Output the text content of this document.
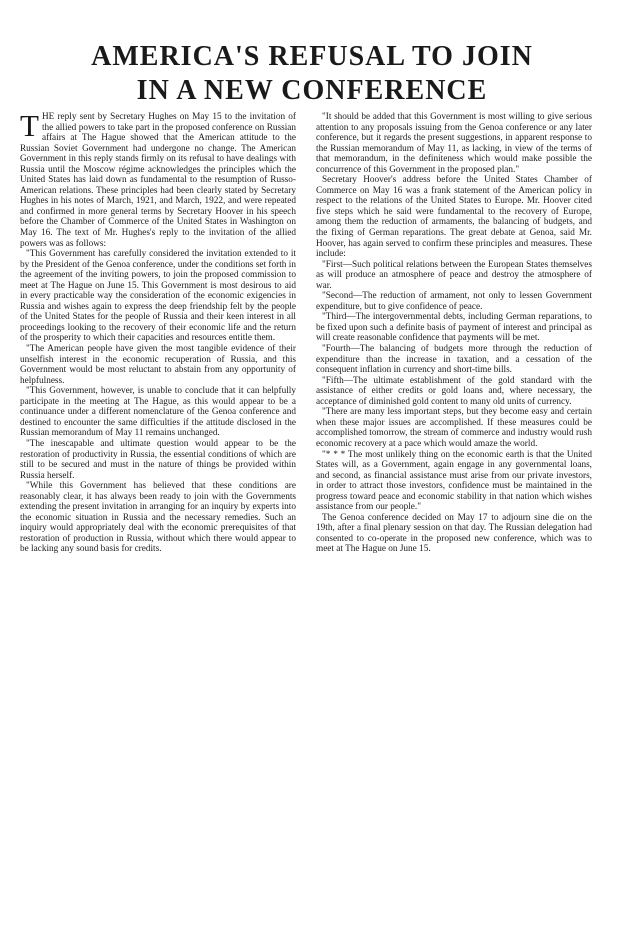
AMERICA'S REFUSAL TO JOIN
IN A NEW CONFERENCE

THE reply sent by Secretary Hughes on May 15 to the invitation of the allied powers to take part in the proposed conference on Russian affairs at The Hague showed that the American attitude to the Russian Soviet Government had undergone no change. The American Government in this reply stands firmly on its refusal to have dealings with Russia until the Moscow régime acknowledges the principles which the United States has laid down as fundamental to the resumption of Russo-American relations. These principles had been clearly stated by Secretary Hughes in his notes of March, 1921, and March, 1922, and were repeated and confirmed in more general terms by Secretary Hoover in his speech before the Chamber of Commerce of the United States in Washington on May 16. The text of Mr. Hughes's reply to the invitation of the allied powers was as follows:

"This Government has carefully considered the invitation extended to it by the President of the Genoa conference, under the conditions set forth in the agreement of the inviting powers, to join the proposed commission to meet at The Hague on June 15. This Government is most desirous to aid in every practicable way the consideration of the economic exigencies in Russia and wishes again to express the deep friendship felt by the people of the United States for the people of Russia and their keen interest in all proceedings looking to the recovery of their economic life and the return of the prosperity to which their capacities and resources entitle them.

"The American people have given the most tangible evidence of their unselfish interest in the economic recuperation of Russia, and this Government would be most reluctant to abstain from any opportunity of helpfulness.

"This Government, however, is unable to conclude that it can helpfully participate in the meeting at The Hague, as this would appear to be a continuance under a different nomenclature of the Genoa conference and destined to encounter the same difficulties if the attitude disclosed in the Russian memorandum of May 11 remains unchanged.

"The inescapable and ultimate question would appear to be the restoration of productivity in Russia, the essential conditions of which are still to be secured and must in the nature of things be provided within Russia herself.

"While this Government has believed that these conditions are reasonably clear, it has always been ready to join with the Governments extending the present invitation in arranging for an inquiry by experts into the economic situation in Russia and the necessary remedies. Such an inquiry would appropriately deal with the economic prerequisites of that restoration of production in Russia, without which there would appear to be lacking any sound basis for credits.

"It should be added that this Government is most willing to give serious attention to any proposals issuing from the Genoa conference or any later conference, but it regards the present suggestions, in apparent response to the Russian memorandum of May 11, as lacking, in view of the terms of that memorandum, in the definiteness which would make possible the concurrence of this Government in the proposed plan."

Secretary Hoover's address before the United States Chamber of Commerce on May 16 was a frank statement of the American policy in respect to the relations of the United States to Europe. Mr. Hoover cited five steps which he said were fundamental to the recovery of Europe, among them the reduction of armaments, the balancing of budgets, and the fixing of German reparations. The great debate at Genoa, said Mr. Hoover, has again served to confirm these principles and measures. These include:

"First—Such political relations between the European States themselves as will produce an atmosphere of peace and destroy the atmosphere of war.

"Second—The reduction of armament, not only to lessen Government expenditure, but to give confidence of peace.

"Third—The intergovernmental debts, including German reparations, to be fixed upon such a definite basis of payment of interest and principal as will create reasonable confidence that payments will be met.

"Fourth—The balancing of budgets more through the reduction of expenditure than the increase in taxation, and a cessation of the consequent inflation in currency and short-time bills.

"Fifth—The ultimate establishment of the gold standard with the assistance of either credits or gold loans and, where necessary, the acceptance of diminished gold content to many old units of currency.

"There are many less important steps, but they become easy and certain when these major issues are accomplished. If these measures could be accomplished tomorrow, the stream of commerce and industry would rush economic recovery at a pace which would amaze the world.

"* * * The most unlikely thing on the economic earth is that the United States will, as a Government, again engage in any governmental loans, and second, as financial assistance must arise from our private investors, in order to attract those investors, confidence must be maintained in the progress toward peace and economic stability in that nation which wishes assistance from our people."

The Genoa conference decided on May 17 to adjourn sine die on the 19th, after a final plenary session on that day. The Russian delegation had consented to co-operate in the proposed new conference, which was to meet at The Hague on June 15.
